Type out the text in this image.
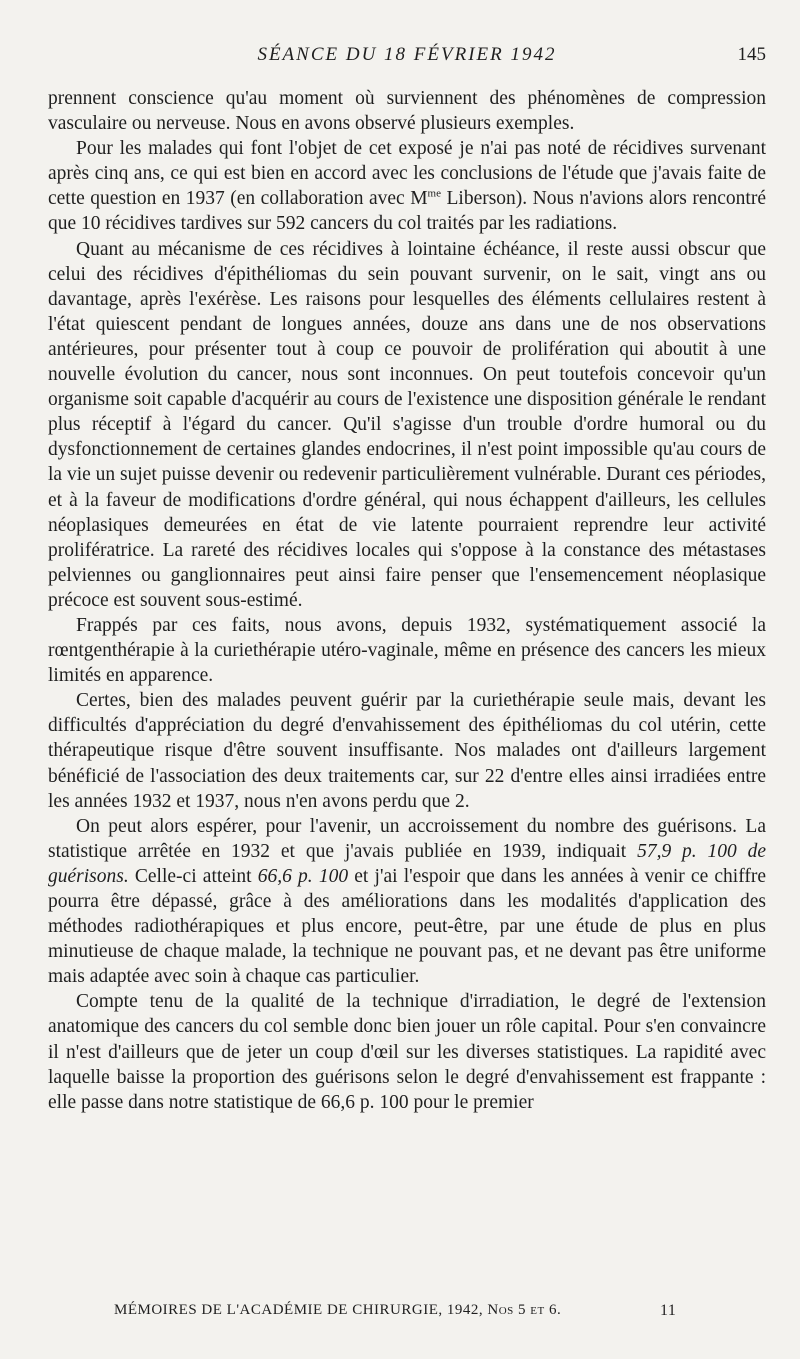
SÉANCE DU 18 FÉVRIER 1942	145

prennent conscience qu'au moment où surviennent des phénomènes de compression vasculaire ou nerveuse. Nous en avons observé plusieurs exemples.

Pour les malades qui font l'objet de cet exposé je n'ai pas noté de récidives survenant après cinq ans, ce qui est bien en accord avec les conclusions de l'étude que j'avais faite de cette question en 1937 (en collaboration avec $M^{me}$ Liberson). Nous n'avions alors rencontré que 10 récidives tardives sur 592 cancers du col traités par les radiations.

Quant au mécanisme de ces récidives à lointaine échéance, il reste aussi obscur que celui des récidives d'épithéliomas du sein pouvant survenir, on le sait, vingt ans ou davantage, après l'exérèse. Les raisons pour lesquelles des éléments cellulaires restent à l'état quiescent pendant de longues années, douze ans dans une de nos observations antérieures, pour présenter tout à coup ce pouvoir de prolifération qui aboutit à une nouvelle évolution du cancer, nous sont inconnues. On peut toutefois concevoir qu'un organisme soit capable d'acquérir au cours de l'existence une disposition générale le rendant plus réceptif à l'égard du cancer. Qu'il s'agisse d'un trouble d'ordre humoral ou du dysfonctionnement de certaines glandes endocrines, il n'est point impossible qu'au cours de la vie un sujet puisse devenir ou redevenir particulièrement vulnérable. Durant ces périodes, et à la faveur de modifications d'ordre général, qui nous échappent d'ailleurs, les cellules néoplasiques demeurées en état de vie latente pourraient reprendre leur activité prolifératrice. La rareté des récidives locales qui s'oppose à la constance des métastases pelviennes ou ganglionnaires peut ainsi faire penser que l'ensemencement néoplasique précoce est souvent sous-estimé.

Frappés par ces faits, nous avons, depuis 1932, systématiquement associé la rœntgenthérapie à la curiethérapie utéro-vaginale, même en présence des cancers les mieux limités en apparence.

Certes, bien des malades peuvent guérir par la curiethérapie seule mais, devant les difficultés d'appréciation du degré d'envahissement des épithéliomas du col utérin, cette thérapeutique risque d'être souvent insuffisante. Nos malades ont d'ailleurs largement bénéficié de l'association des deux traitements car, sur 22 d'entre elles ainsi irradiées entre les années 1932 et 1937, nous n'en avons perdu que 2.

On peut alors espérer, pour l'avenir, un accroissement du nombre des guérisons. La statistique arrêtée en 1932 et que j'avais publiée en 1939, indiquait 57,9 p. 100 de guérisons. Celle-ci atteint 66,6 p. 100 et j'ai l'espoir que dans les années à venir ce chiffre pourra être dépassé, grâce à des améliorations dans les modalités d'application des méthodes radiothérapiques et plus encore, peut-être, par une étude de plus en plus minutieuse de chaque malade, la technique ne pouvant pas, et ne devant pas être uniforme mais adaptée avec soin à chaque cas particulier.

Compte tenu de la qualité de la technique d'irradiation, le degré de l'extension anatomique des cancers du col semble donc bien jouer un rôle capital. Pour s'en convaincre il n'est d'ailleurs que de jeter un coup d'œil sur les diverses statistiques. La rapidité avec laquelle baisse la proportion des guérisons selon le degré d'envahissement est frappante : elle passe dans notre statistique de 66,6 p. 100 pour le premier

MÉMOIRES DE L'ACADÉMIE DE CHIRURGIE, 1942, Nos 5 et 6.	11
